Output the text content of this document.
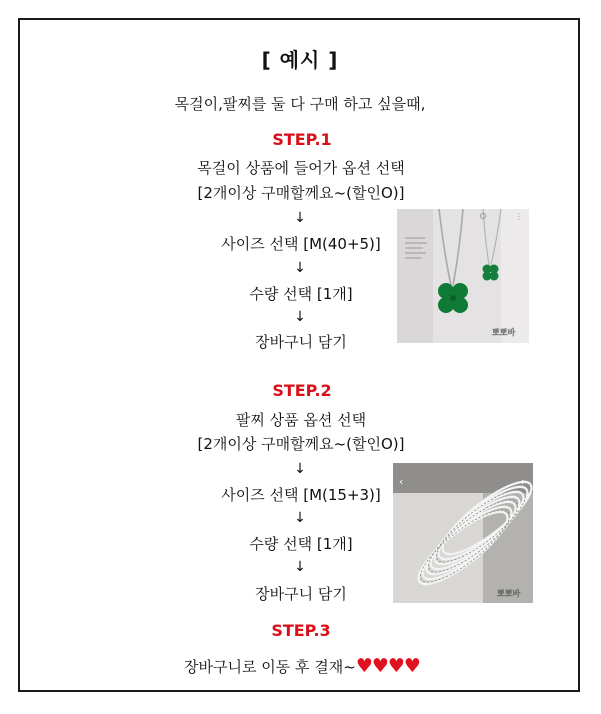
[ 예시 ]
목걸이,팔찌를 둘 다 구매 하고 싶을때,
STEP.1
목걸이 상품에 들어가 옵션 선택
[2개이상 구매할께요~(할인O)]
↓
사이즈 선택 [M(40+5)]
↓
수량 선택 [1개]
↓
장바구니 담기
⋮
뽀뽀바
STEP.2
팔찌 상품 옵션 선택
[2개이상 구매할께요~(할인O)]
↓
사이즈 선택 [M(15+3)]
↓
수량 선택 [1개]
↓
장바구니 담기
‹	›
뽀뽀바
STEP.3
장바구니로 이동 후 결재~♥♥♥♥
